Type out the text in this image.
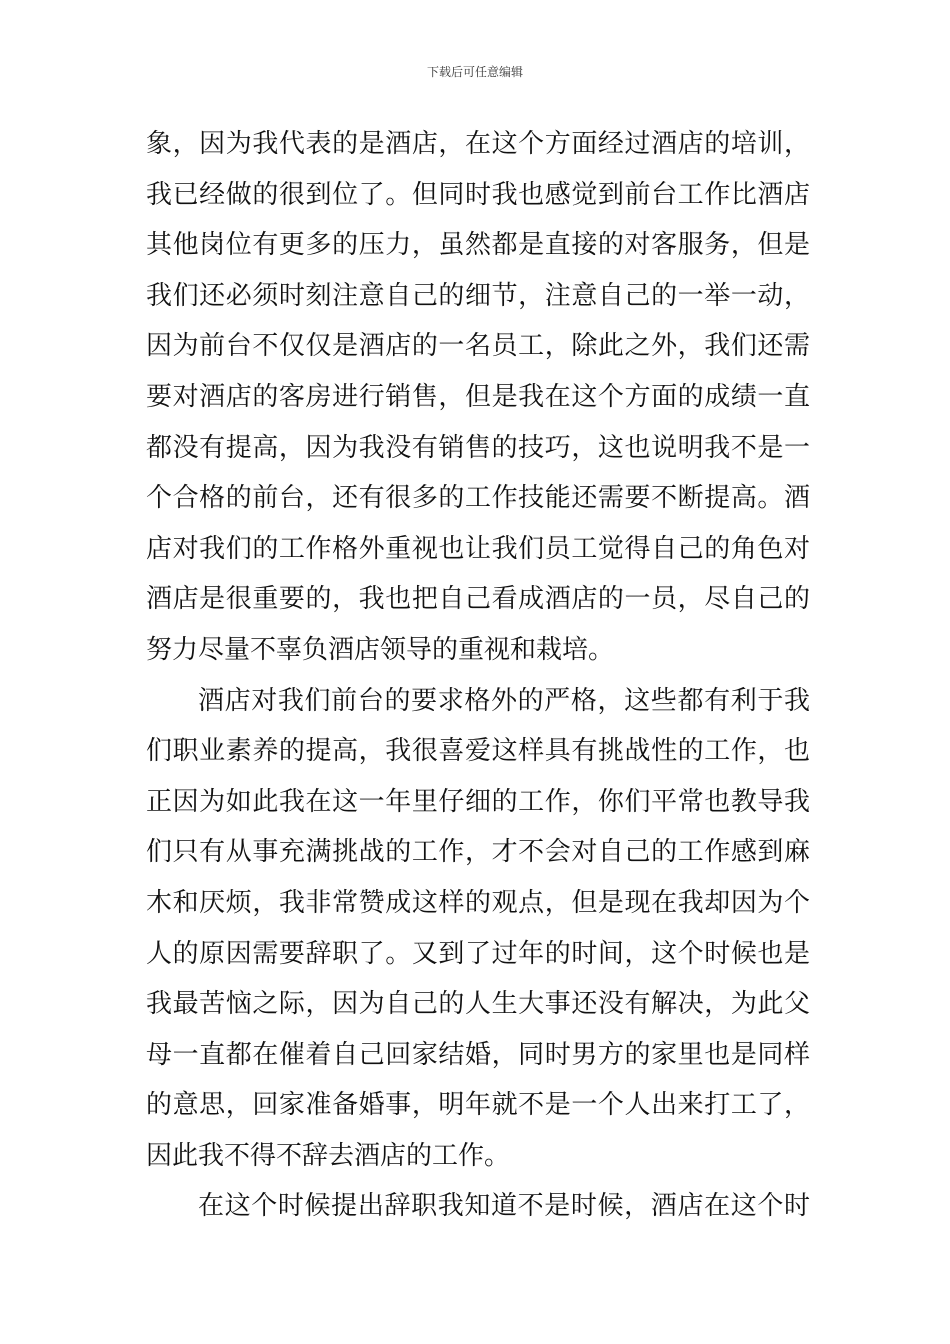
下载后可任意编辑
象，因为我代表的是酒店，在这个方面经过酒店的培训，
我已经做的很到位了。但同时我也感觉到前台工作比酒店
其他岗位有更多的压力，虽然都是直接的对客服务，但是
我们还必须时刻注意自己的细节，注意自己的一举一动，
因为前台不仅仅是酒店的一名员工，除此之外，我们还需
要对酒店的客房进行销售，但是我在这个方面的成绩一直
都没有提高，因为我没有销售的技巧，这也说明我不是一
个合格的前台，还有很多的工作技能还需要不断提高。酒
店对我们的工作格外重视也让我们员工觉得自己的角色对
酒店是很重要的，我也把自己看成酒店的一员，尽自己的
努力尽量不辜负酒店领导的重视和栽培。
酒店对我们前台的要求格外的严格，这些都有利于我
们职业素养的提高，我很喜爱这样具有挑战性的工作，也
正因为如此我在这一年里仔细的工作，你们平常也教导我
们只有从事充满挑战的工作，才不会对自己的工作感到麻
木和厌烦，我非常赞成这样的观点，但是现在我却因为个
人的原因需要辞职了。又到了过年的时间，这个时候也是
我最苦恼之际，因为自己的人生大事还没有解决，为此父
母一直都在催着自己回家结婚，同时男方的家里也是同样
的意思，回家准备婚事，明年就不是一个人出来打工了，
因此我不得不辞去酒店的工作。
在这个时候提出辞职我知道不是时候，酒店在这个时
